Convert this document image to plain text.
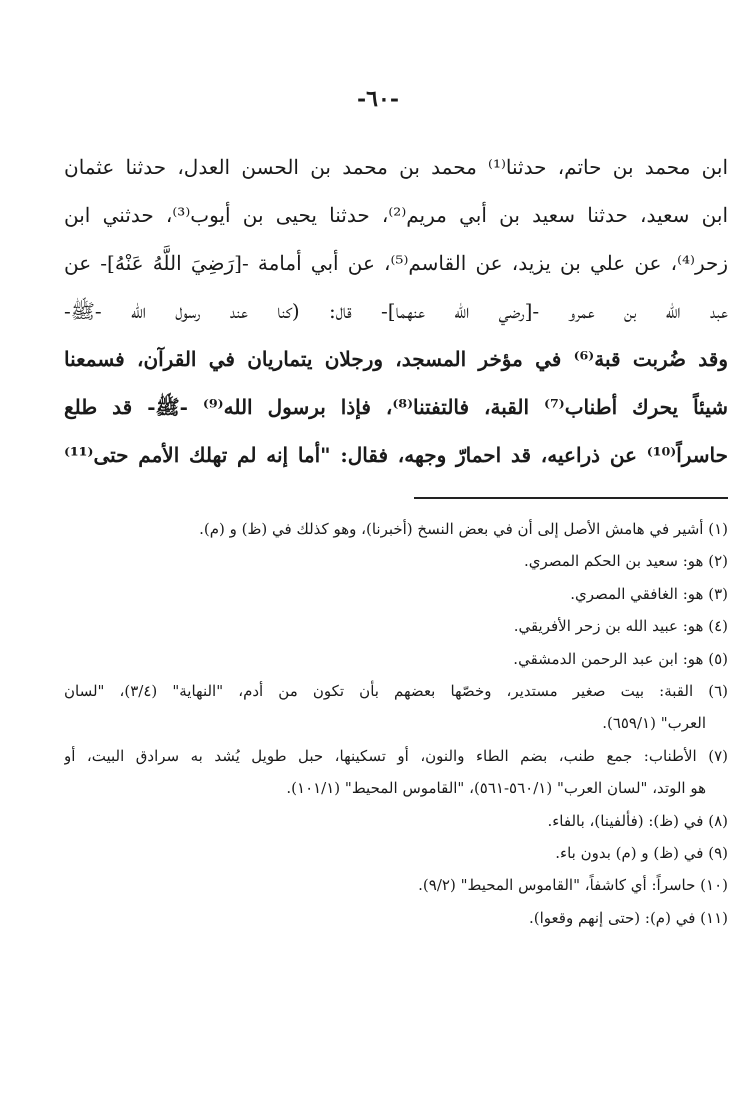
-٦٠-
ابن محمد بن حاتم، حدثنا⁽¹⁾ محمد بن محمد بن الحسن العدل، حدثنا عثمان
ابن سعيد، حدثنا سعيد بن أبي مريم⁽²⁾، حدثنا يحيى بن أيوب⁽³⁾، حدثني ابن
زحر⁽⁴⁾، عن علي بن يزيد، عن القاسم⁽⁵⁾، عن أبي أمامة -[رَضِيَ اللَّهُ عَنْهُ]- عن
عبد الله بن عمرو -[رضي الله عنهما]- قال: (كنا عند رسول الله -ﷺ-
وقد ضُربت قبة⁽⁶⁾ في مؤخر المسجد، ورجلان يتماريان في القرآن، فسمعنا
شيئاً يحرك أطناب⁽⁷⁾ القبة، فالتفتنا⁽⁸⁾، فإذا برسول الله⁽⁹⁾ -ﷺ- قد طلع
حاسراً⁽¹⁰⁾ عن ذراعيه، قد احمارّ وجهه، فقال: "أما إنه لم تهلك الأمم حتى⁽¹¹⁾
(١) أشير في هامش الأصل إلى أن في بعض النسخ (أخبرنا)، وهو كذلك في (ظ) و (م).
(٢) هو: سعيد بن الحكم المصري.
(٣) هو: الغافقي المصري.
(٤) هو: عبيد الله بن زحر الأفريقي.
(٥) هو: ابن عبد الرحمن الدمشقي.
(٦) القبة: بيت صغير مستدير، وخصّها بعضهم بأن تكون من أدم، "النهاية" (٣/٤)، "لسان
العرب" (٦٥٩/١).
(٧) الأطناب: جمع طنب، بضم الطاء والنون، أو تسكينها، حبل طويل يُشد به سرادق البيت، أو
هو الوتد، "لسان العرب" (٥٦٠/١-٥٦١)، "القاموس المحيط" (١٠١/١).
(٨) في (ظ): (فألفينا)، بالفاء.
(٩) في (ظ) و (م) بدون باء.
(١٠) حاسراً: أي كاشفاً، "القاموس المحيط" (٩/٢).
(١١) في (م): (حتى إنهم وقعوا).
